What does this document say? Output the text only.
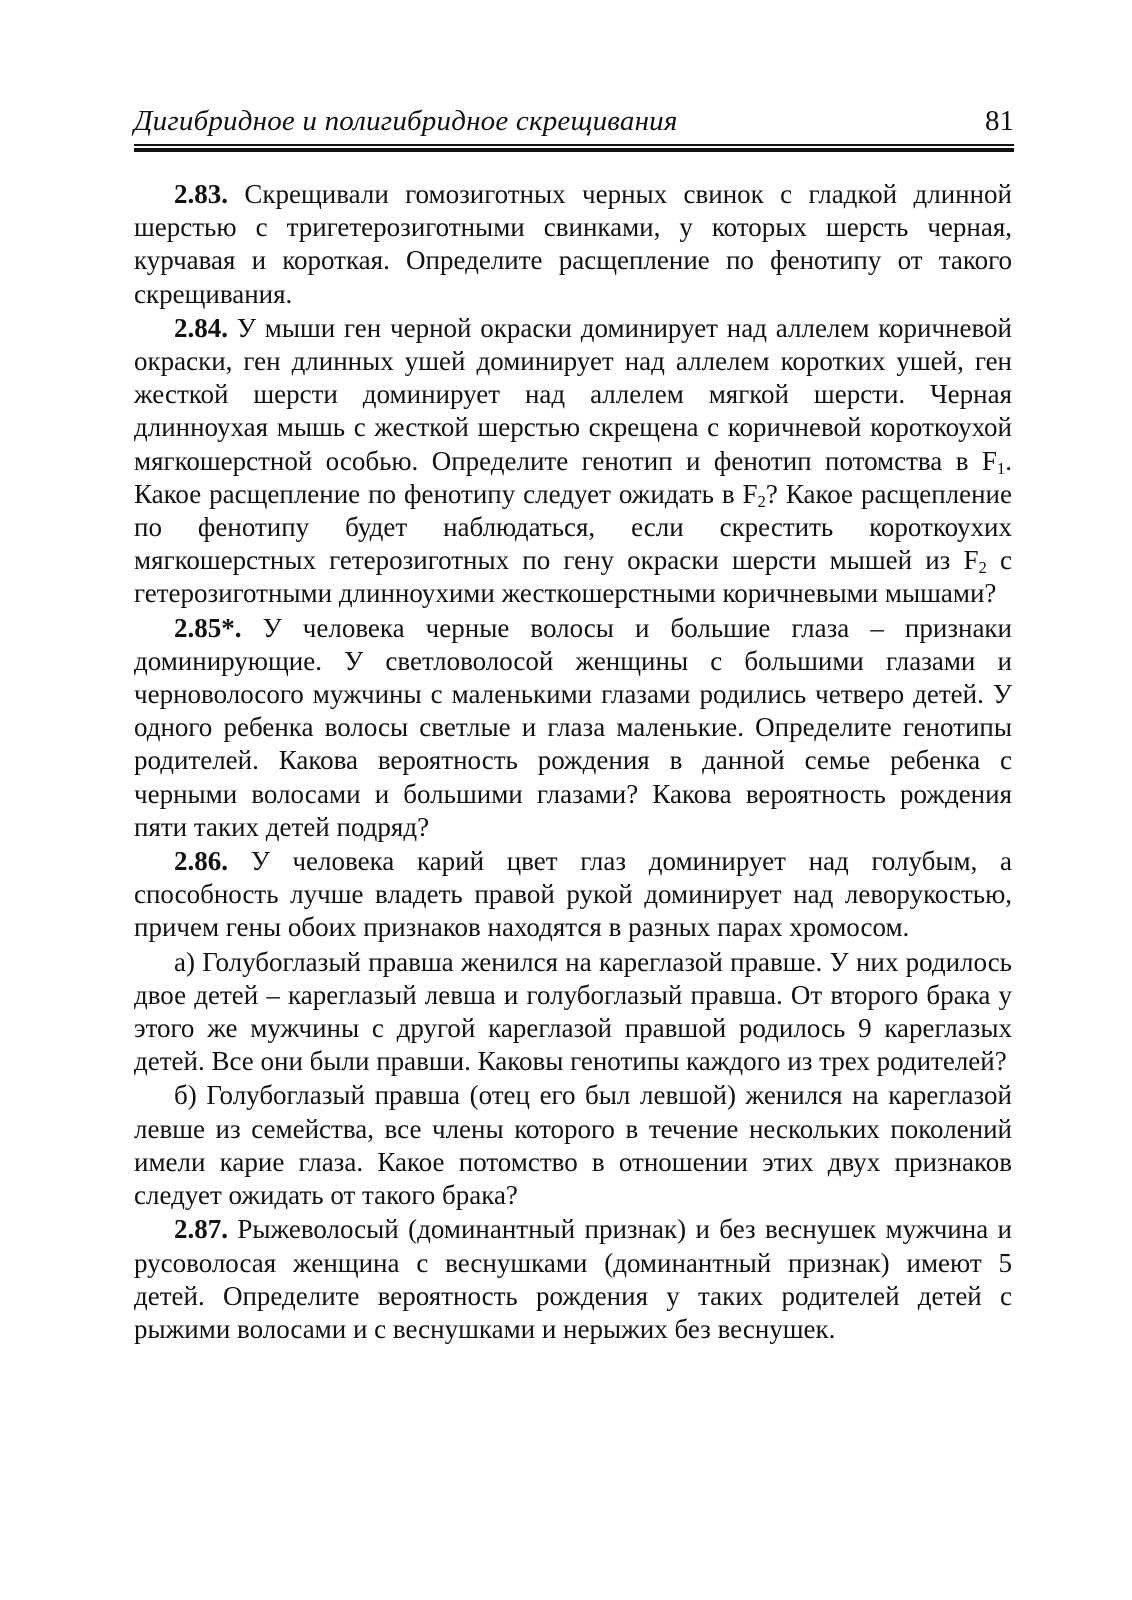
Дигибридное и полигибридное скрещивания	81

2.83. Скрещивали гомозиготных черных свинок с гладкой длинной шерстью с тригетерозиготными свинками, у которых шерсть черная, курчавая и короткая. Определите расщепление по фенотипу от такого скрещивания.

2.84. У мыши ген черной окраски доминирует над аллелем коричневой окраски, ген длинных ушей доминирует над аллелем коротких ушей, ген жесткой шерсти доминирует над аллелем мягкой шерсти. Черная длинноухая мышь с жесткой шерстью скрещена с коричневой короткоухой мягкошерстной особью. Определите генотип и фенотип потомства в $F_1$. Какое расщепление по фенотипу следует ожидать в $F_2$? Какое расщепление по фенотипу будет наблюдаться, если скрестить короткоухих мягкошерстных гетерозиготных по гену окраски шерсти мышей из $F_2$ с гетерозиготными длинноухими жесткошерстными коричневыми мышами?

2.85*. У человека черные волосы и большие глаза – признаки доминирующие. У светловолосой женщины с большими глазами и черноволосого мужчины с маленькими глазами родились четверо детей. У одного ребенка волосы светлые и глаза маленькие. Определите генотипы родителей. Какова вероятность рождения в данной семье ребенка с черными волосами и большими глазами? Какова вероятность рождения пяти таких детей подряд?

2.86. У человека карий цвет глаз доминирует над голубым, а способность лучше владеть правой рукой доминирует над леворукостью, причем гены обоих признаков находятся в разных парах хромосом.

а) Голубоглазый правша женился на кареглазой правше. У них родилось двое детей – кареглазый левша и голубоглазый правша. От второго брака у этого же мужчины с другой кареглазой правшой родилось 9 кареглазых детей. Все они были правши. Каковы генотипы каждого из трех родителей?

б) Голубоглазый правша (отец его был левшой) женился на кареглазой левше из семейства, все члены которого в течение нескольких поколений имели карие глаза. Какое потомство в отношении этих двух признаков следует ожидать от такого брака?

2.87. Рыжеволосый (доминантный признак) и без веснушек мужчина и русоволосая женщина с веснушками (доминантный признак) имеют 5 детей. Определите вероятность рождения у таких родителей детей с рыжими волосами и с веснушками и нерыжих без веснушек.
